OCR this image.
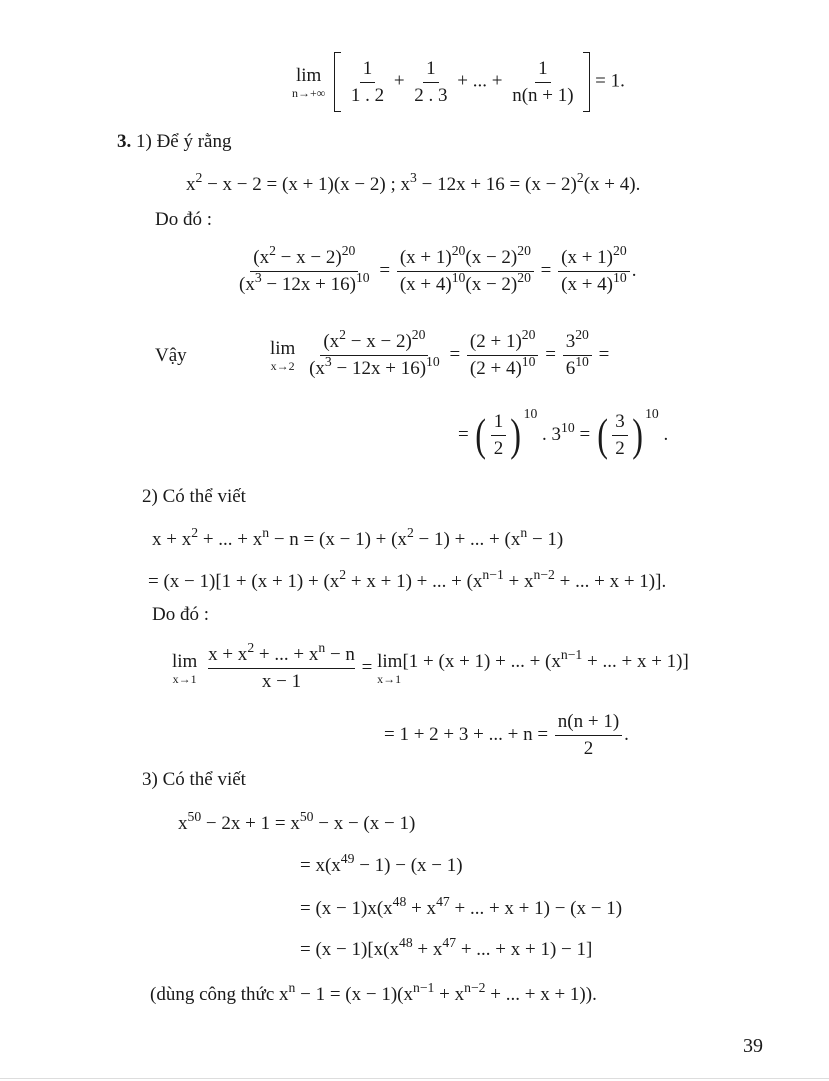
lim
n→+∞
$\frac{1}{1 . 2} + \frac{1}{2 . 3}$ + ... + $\frac{1}{n(n + 1)} = 1$.
3. 1) Để ý rằng
$x^2 - x - 2 = (x + 1)(x - 2)$ ; $x^3 - 12x + 16 = (x - 2)^2(x + 4)$.
Do đó :
$\frac{(x^2 - x - 2)^{20}}{(x^3 - 12x + 16)^{10}} = \frac{(x + 1)^{20}(x - 2)^{20}}{(x + 4)^{10}(x - 2)^{20}} = \frac{(x + 1)^{20}}{(x + 4)^{10}}$ .
Vậy	lim
x→2
$\frac{(x^2 - x - 2)^{20}}{(x^3 - 12x + 16)^{10}} = \frac{(2 + 1)^{20}}{(2 + 4)^{10}} = \frac{3^{20}}{6^{10}}$ =
= ( $\frac{1}{2}$ ) $^{10}$ . $3^{10}$ = ( $\frac{3}{2}$ ) $^{10}$ .
2) Có thể viết
$x + x^2$ + ... + $x^n - n = (x - 1) + (x^2 - 1)$ + ... + $(x^n - 1)$
= $(x - 1)[1 + (x + 1) + (x^2 + x + 1)$ + ... + ($x^{n-1} + x^{n-2}$ + ... + x + 1)].
Do đó :
lim
x→1
$\frac{x + x^2 + ... + x^n - n}{x - 1} = \lim[1 + (x + 1)$ + ... + ($x^{n-1}$ + ... + x + 1)]
x→1
= 1 + 2 + 3 + ... + $n = \frac{n(n + 1)}{2}$ .
3) Có thể viết
$x^{50} - 2x + 1 = x^{50} - x - (x - 1)$
= $x(x^{49} - 1) - (x - 1)$
= $(x - 1)x(x^{48} + x^{47}$ + ... + x + 1) − (x − 1)
= $(x - 1)[x(x^{48} + x^{47}$ + ... + x + 1) − 1]
(dùng công thức $x^n - 1 = (x - 1)(x^{n-1} + x^{n-2}$ + ... + x + 1)).
39
